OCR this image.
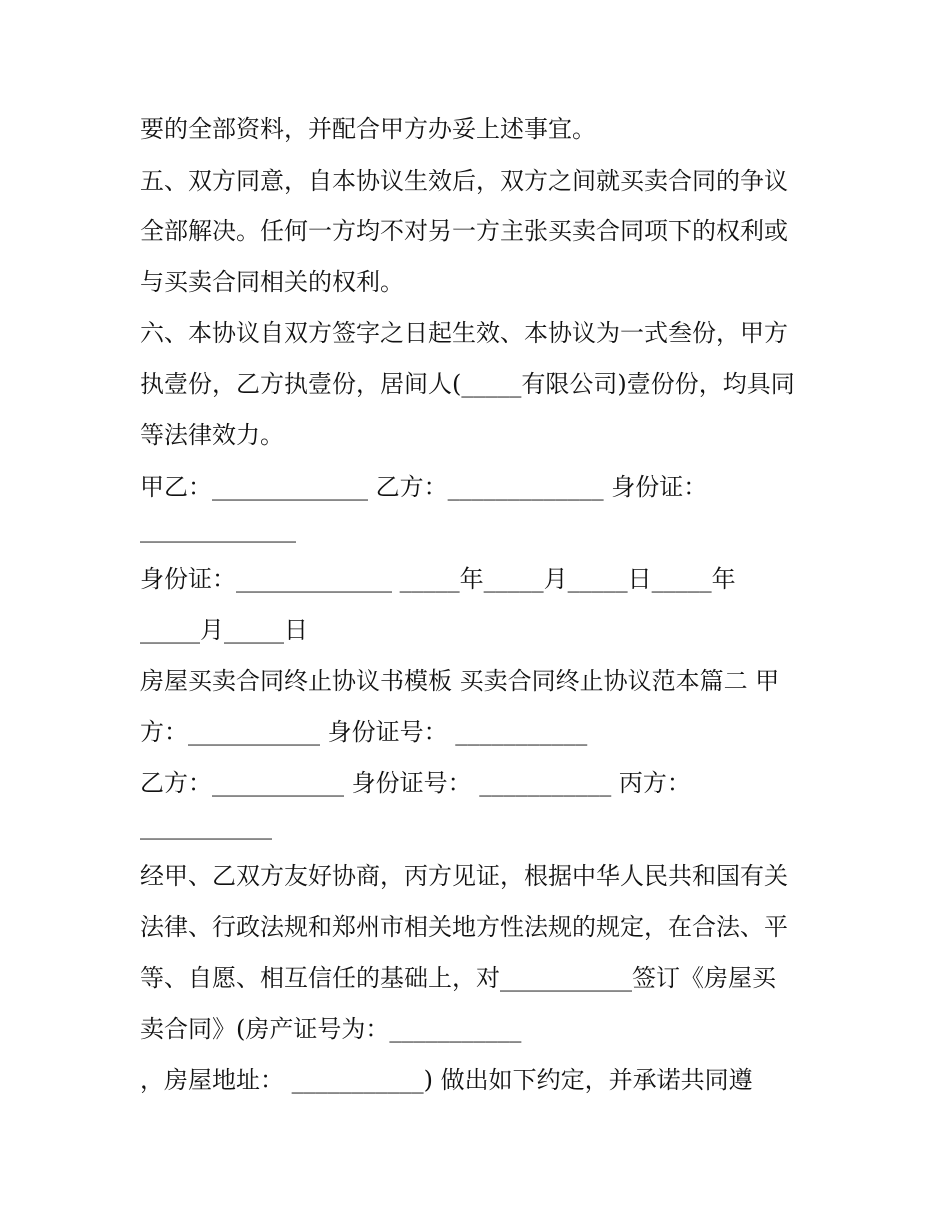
要的全部资料，并配合甲方办妥上述事宜。
五、双方同意，自本协议生效后，双方之间就买卖合同的争议
全部解决。任何一方均不对另一方主张买卖合同项下的权利或
与买卖合同相关的权利。
六、本协议自双方签字之日起生效、本协议为一式叁份，甲方
执壹份，乙方执壹份，居间人(_____有限公司)壹份份，均具同
等法律效力。
甲乙：_____________ 乙方：_____________ 身份证：
_____________
身份证：_____________ _____年_____月_____日_____年
_____月_____日
房屋买卖合同终止协议书模板 买卖合同终止协议范本篇二 甲
方：___________ 身份证号： ___________
乙方：___________ 身份证号： ___________ 丙方：
___________
经甲、乙双方友好协商，丙方见证，根据中华人民共和国有关
法律、行政法规和郑州市相关地方性法规的规定，在合法、平
等、自愿、相互信任的基础上，对___________签订《房屋买
卖合同》(房产证号为：___________
，房屋地址： ___________) 做出如下约定，并承诺共同遵
